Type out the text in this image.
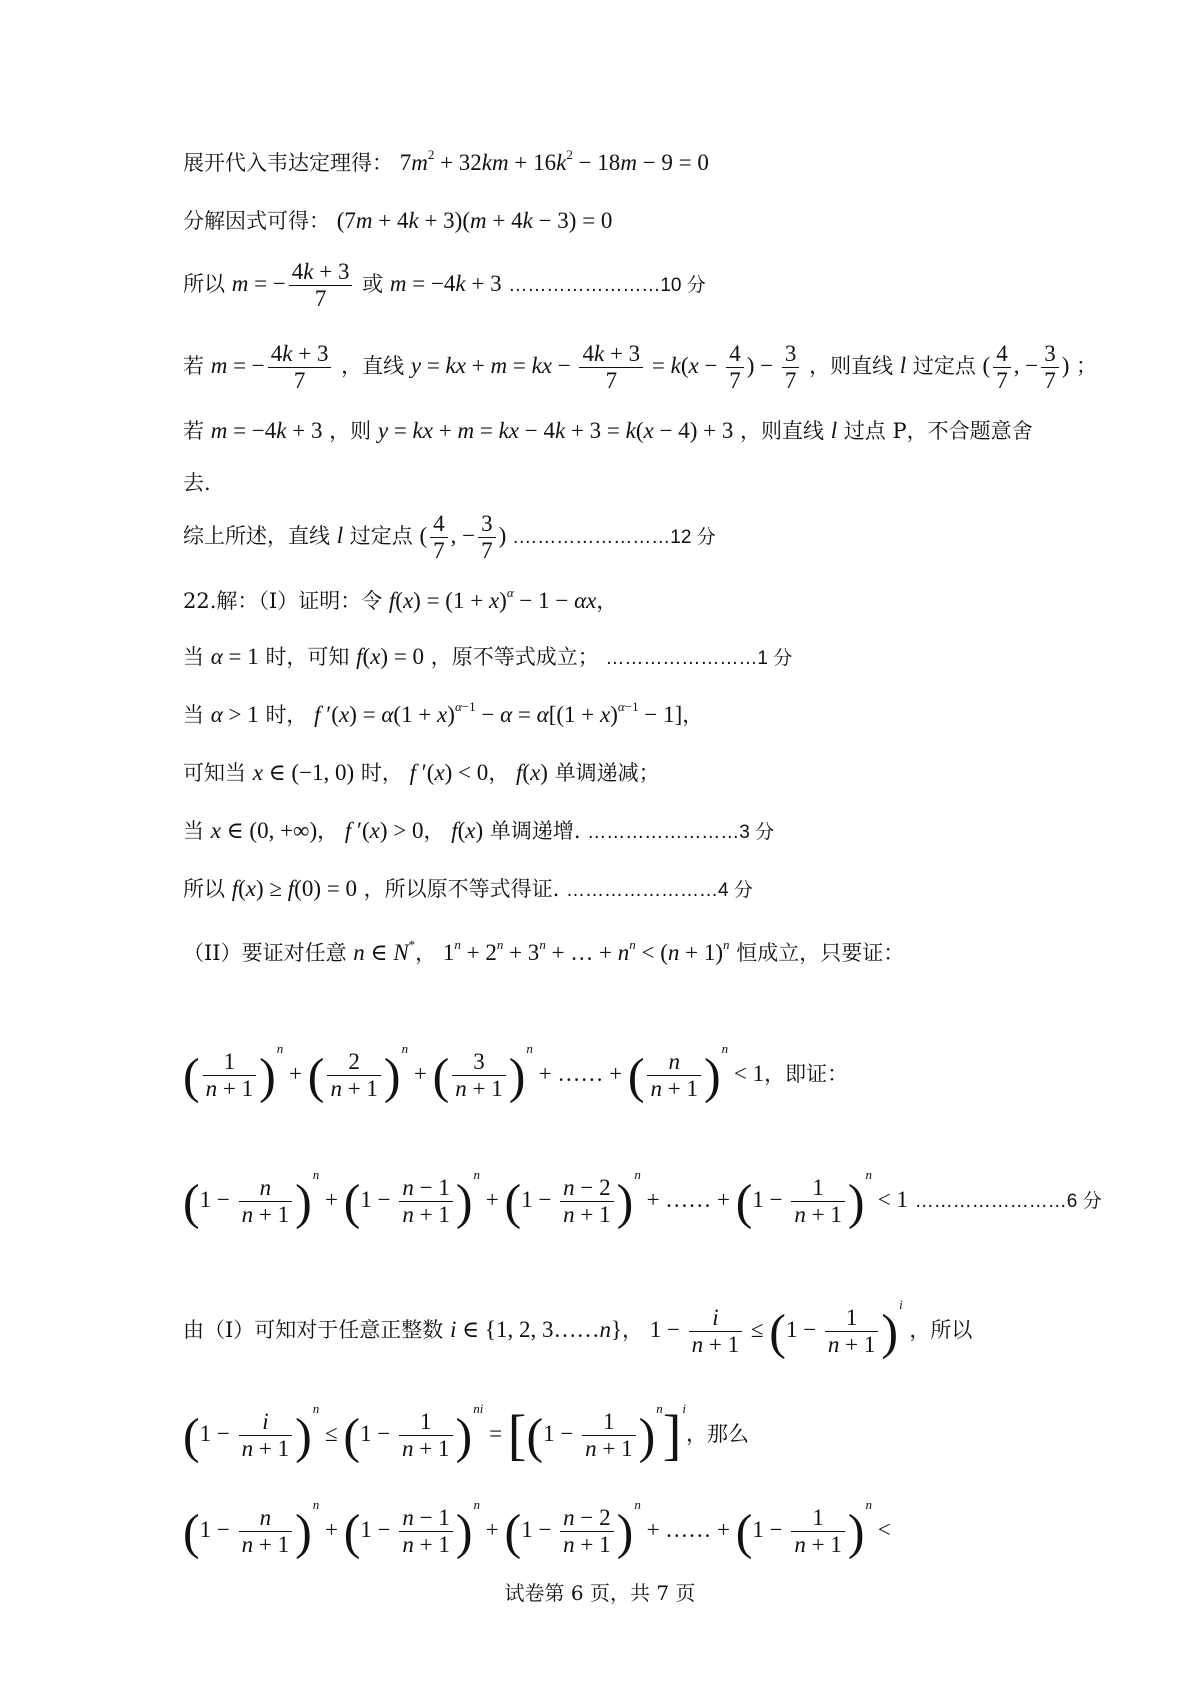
展开代入韦达定理得： $7m^2 + 32km + 16k^2 - 18m - 9 = 0$
分解因式可得： (7m + 4k + 3)(m + 4k − 3) = 0
所以 m = − $\frac{4k + 3}{7}$ 或 m = −4k + 3 ……………………10 分
若 m = − $\frac{4k + 3}{7}$ ，直线 y = kx + m = kx − $\frac{4k + 3}{7} = k(x - \frac{4}{7}$ ) − $\frac{3}{7}$ ，则直线 l 过定点 ( $\frac{4}{7}$ , − $\frac{3}{7}$ ) ；
若 m = −4k + 3 ，则 y = kx + m = kx − 4k + 3 = k(x − 4) + 3 ，则直线 l 过点 P，不合题意舍
去.
综上所述，直线 l 过定点 ( $\frac{4}{7}$ , − $\frac{3}{7}$ ) .……………………12 分
22.解：（I）证明：令 $f(x) = (1 + x)^\alpha - 1 - \alpha x$，
当 α = 1 时，可知 f(x) = 0 ，原不等式成立； ……………………1 分
当 α > 1 时， f $'(x) = \alpha(1 + x)^{\alpha-1} - \alpha = \alpha[(1 + x)^{\alpha-1} - 1]$，
可知当 x ∈ (−1, 0) 时， f ′(x) < 0， f(x) 单调递减；
当 x ∈ (0, +∞)， f ′(x) > 0， f(x) 单调递增. ……………………3 分
所以 f(x) ≥ f(0) = 0 ，所以原不等式得证. ……………………4 分
（II）要证对任意 n ∈ N*， $1^n + 2^n + 3^n$ + … + $n^n < (n + 1)^n$ 恒成立，只要证：
( $\frac{1}{n + 1} )^n$ + ( $\frac{2}{n + 1} )^n$ + ( $\frac{3}{n + 1} )^n$ + …… + ( $\frac{n}{n + 1} )^n < 1$，即证：
$(1 - \frac{n}{n + 1} )^n + (1 - \frac{n - 1}{n + 1} )^n + (1 - \frac{n - 2}{n + 1} )^n$ + …… + $(1 - \frac{1}{n + 1} )^n < 1$ ……………………6 分
由（I）可知对于任意正整数 i ∈ {1, 2, 3……n}， $1 - \frac{i}{n + 1} \le (1 - \frac{1}{n + 1} )^i$ ，所以
$(1 - \frac{i}{n + 1} )^n \le (1 - \frac{1}{n + 1} )^{ni} = [(1 - \frac{1}{n + 1} )^n]^i$，那么
$(1 - \frac{n}{n + 1} )^n + (1 - \frac{n - 1}{n + 1} )^n + (1 - \frac{n - 2}{n + 1} )^n$ + …… + $(1 - \frac{1}{n + 1} )^n$ <
试卷第 6 页，共 7 页
